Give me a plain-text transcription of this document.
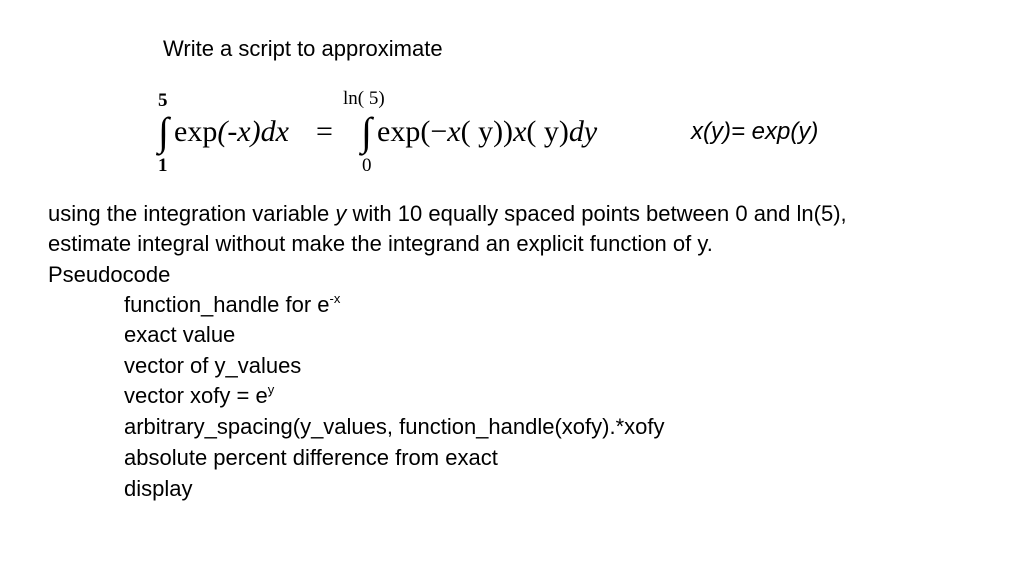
Write a script to approximate
5
∫
1
exp(-x)dx =
ln( 5)
∫
0
exp(−x( y))x( y)dy	x(y)= exp(y)
using the integration variable y with 10 equally spaced points between 0 and ln(5),
estimate integral without make the integrand an explicit function of y.
Pseudocode
function_handle for $e^{-x}$
exact value
vector of y_values
vector xofy = $e^y$
arbitrary_spacing(y_values, function_handle(xofy).*xofy
absolute percent difference from exact
display
